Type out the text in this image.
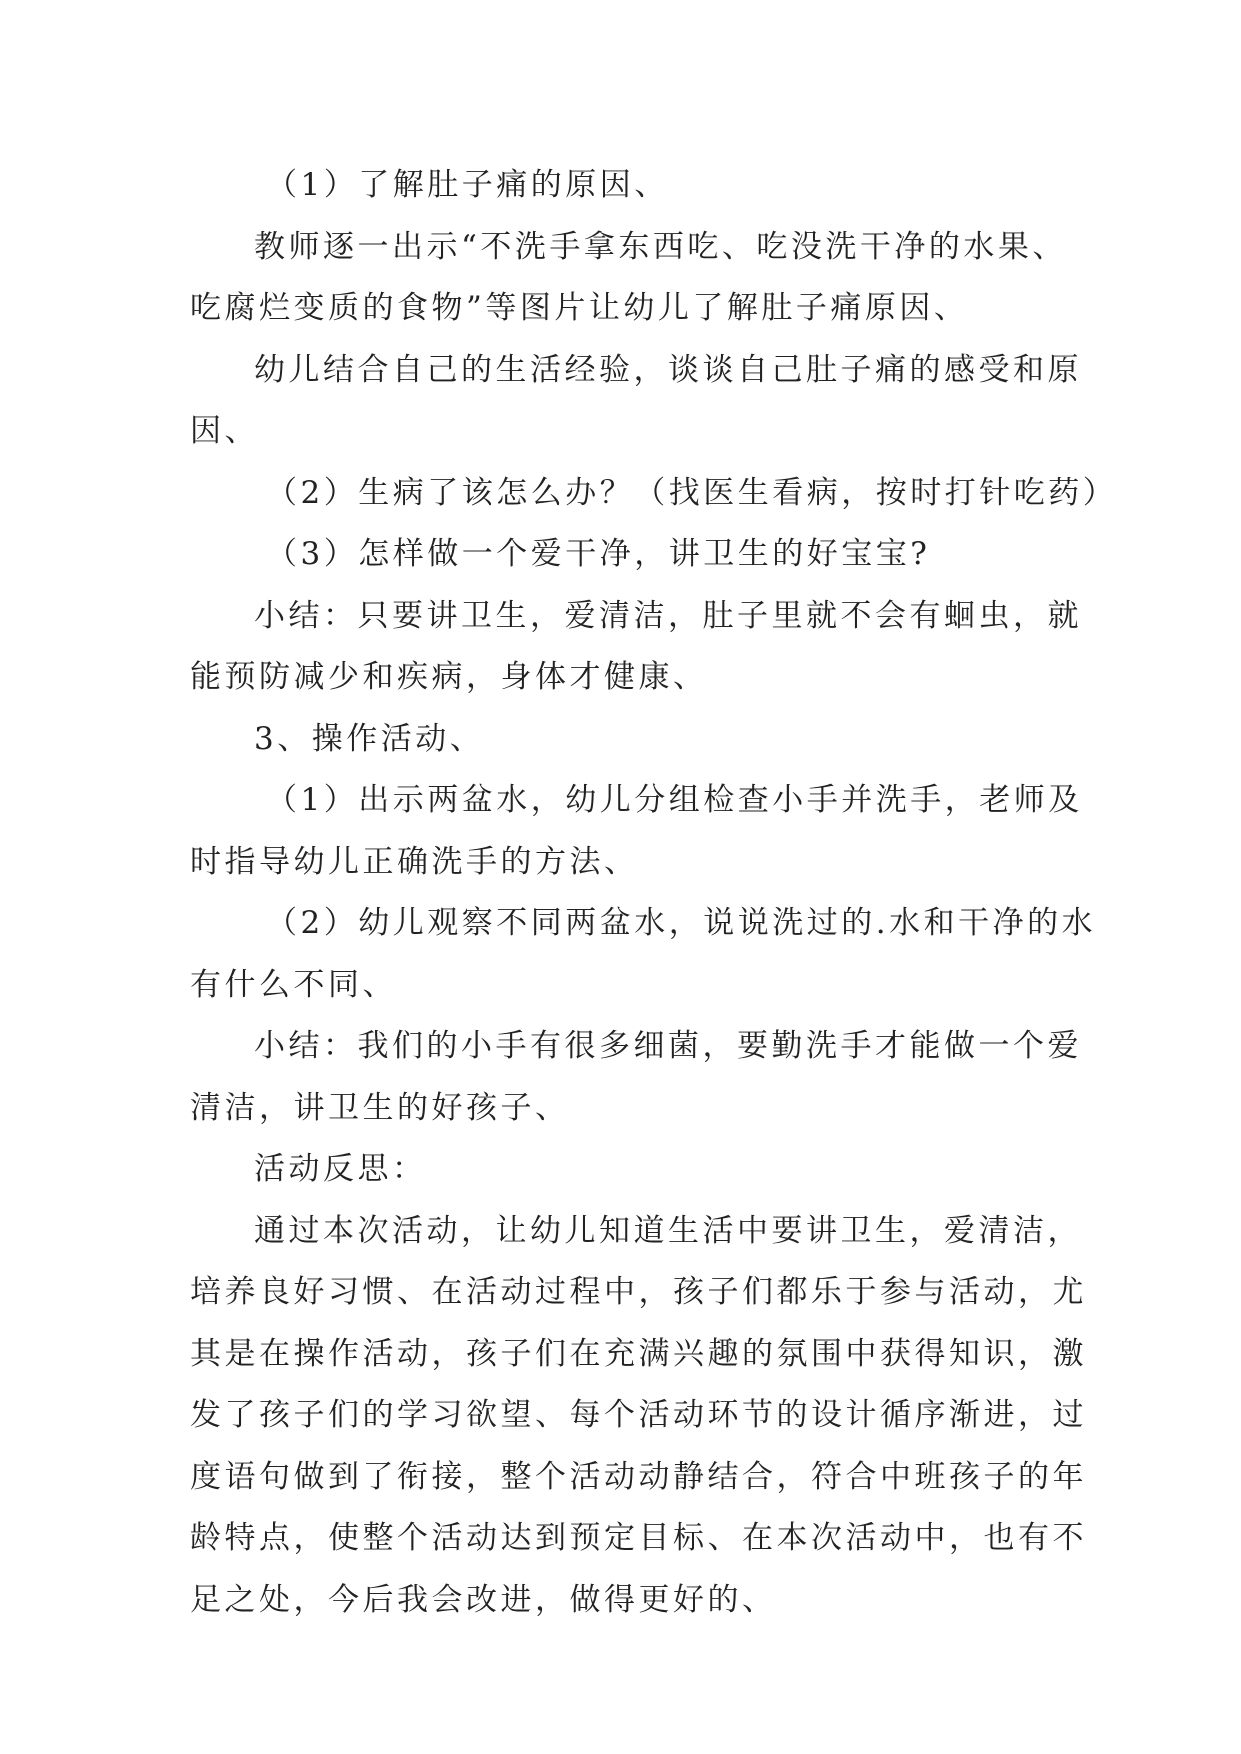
（1）了解肚子痛的原因、
教师逐一出示“不洗手拿东西吃、吃没洗干净的水果、
吃腐烂变质的食物”等图片让幼儿了解肚子痛原因、
幼儿结合自己的生活经验，谈谈自己肚子痛的感受和原
因、
（2）生病了该怎么办？（找医生看病，按时打针吃药）
（3）怎样做一个爱干净，讲卫生的好宝宝?
小结：只要讲卫生，爱清洁，肚子里就不会有蛔虫，就
能预防减少和疾病，身体才健康、
3、操作活动、
（1）出示两盆水，幼儿分组检查小手并洗手，老师及
时指导幼儿正确洗手的方法、
（2）幼儿观察不同两盆水，说说洗过的.水和干净的水
有什么不同、
小结：我们的小手有很多细菌，要勤洗手才能做一个爱
清洁，讲卫生的好孩子、
活动反思：
通过本次活动，让幼儿知道生活中要讲卫生，爱清洁，
培养良好习惯、在活动过程中，孩子们都乐于参与活动，尤
其是在操作活动，孩子们在充满兴趣的氛围中获得知识，激
发了孩子们的学习欲望、每个活动环节的设计循序渐进，过
度语句做到了衔接，整个活动动静结合，符合中班孩子的年
龄特点，使整个活动达到预定目标、在本次活动中，也有不
足之处，今后我会改进，做得更好的、
